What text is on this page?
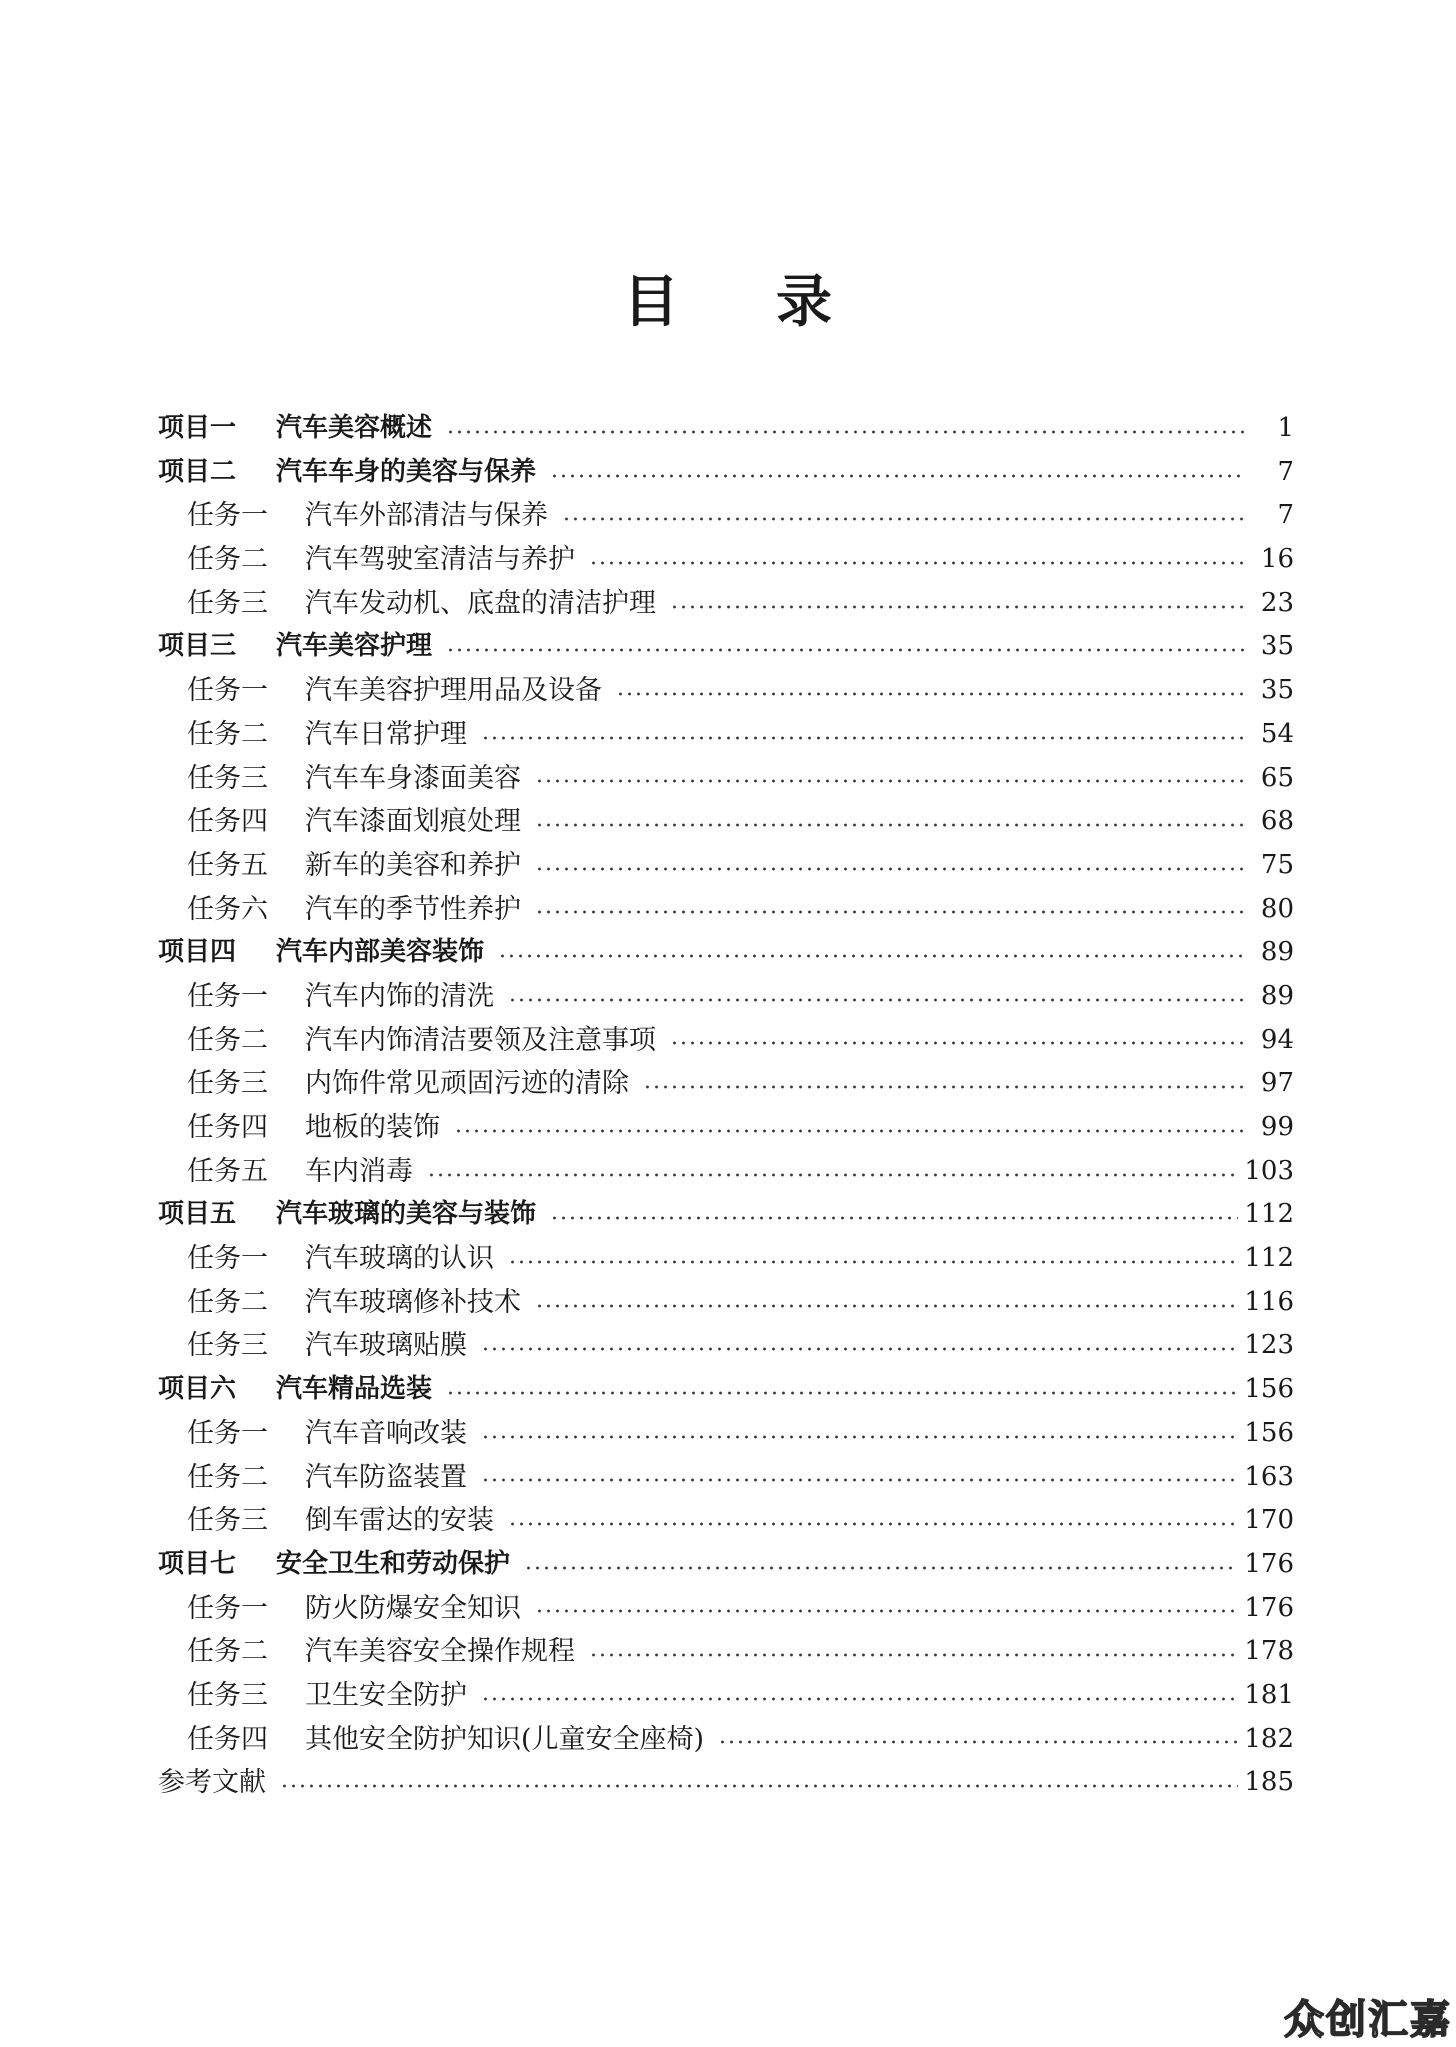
目 录
项目一	汽车美容概述	1
项目二	汽车车身的美容与保养	7
任务一	汽车外部清洁与保养	7
任务二	汽车驾驶室清洁与养护	16
任务三	汽车发动机、底盘的清洁护理	23
项目三	汽车美容护理	35
任务一	汽车美容护理用品及设备	35
任务二	汽车日常护理	54
任务三	汽车车身漆面美容	65
任务四	汽车漆面划痕处理	68
任务五	新车的美容和养护	75
任务六	汽车的季节性养护	80
项目四	汽车内部美容装饰	89
任务一	汽车内饰的清洗	89
任务二	汽车内饰清洁要领及注意事项	94
任务三	内饰件常见顽固污迹的清除	97
任务四	地板的装饰	99
任务五	车内消毒	103
项目五	汽车玻璃的美容与装饰	112
任务一	汽车玻璃的认识	112
任务二	汽车玻璃修补技术	116
任务三	汽车玻璃贴膜	123
项目六	汽车精品选装	156
任务一	汽车音响改装	156
任务二	汽车防盗装置	163
任务三	倒车雷达的安装	170
项目七	安全卫生和劳动保护	176
任务一	防火防爆安全知识	176
任务二	汽车美容安全操作规程	178
任务三	卫生安全防护	181
任务四	其他安全防护知识(儿童安全座椅)	182
参考文献	185
众创汇嘉
